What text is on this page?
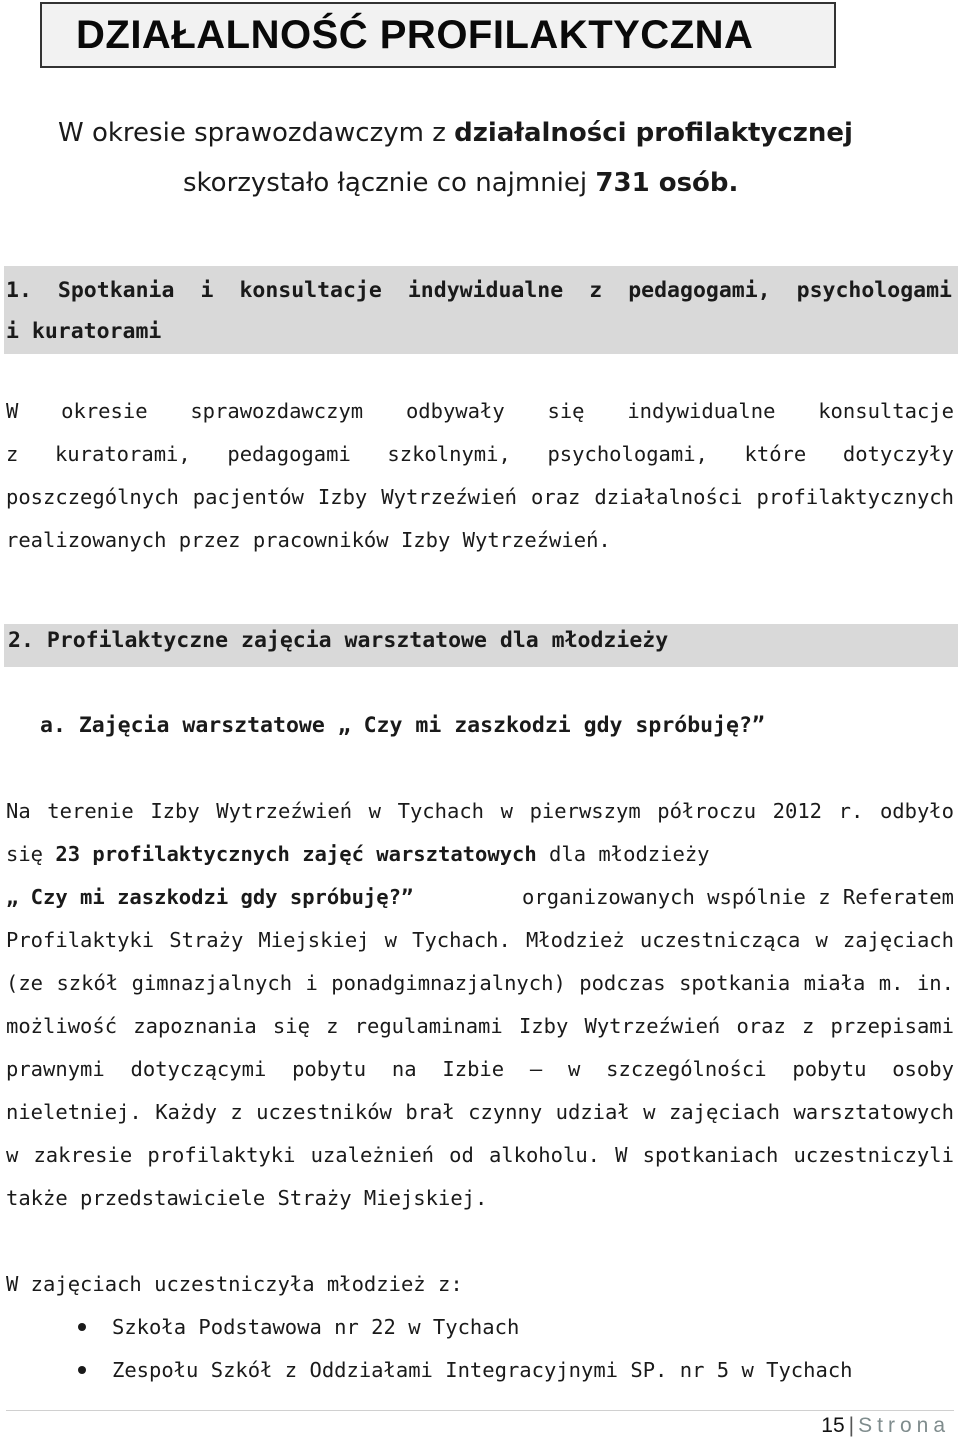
DZIAŁALNOŚĆ PROFILAKTYCZNA
W okresie sprawozdawczym z działalności profilaktycznej
skorzystało łącznie co najmniej 731 osób.
1. Spotkania i konsultacje indywidualne z pedagogami, psychologami
i kuratorami
W okresie sprawozdawczym odbywały się indywidualne konsultacje
z kuratorami, pedagogami szkolnymi, psychologami, które dotyczyły
poszczególnych pacjentów Izby Wytrzeźwień oraz działalności profilaktycznych
realizowanych przez pracowników Izby Wytrzeźwień.
2. Profilaktyczne zajęcia warsztatowe dla młodzieży
a. Zajęcia warsztatowe „ Czy mi zaszkodzi gdy spróbuję?”
Na terenie Izby Wytrzeźwień w Tychach w pierwszym półroczu 2012 r. odbyło
się 23 profilaktycznych zajęć warsztatowych dla młodzieży
„ Czy mi zaszkodzi gdy spróbuję?”	organizowanych wspólnie z Referatem
Profilaktyki Straży Miejskiej w Tychach. Młodzież uczestnicząca w zajęciach
(ze szkół gimnazjalnych i ponadgimnazjalnych) podczas spotkania miała m. in.
możliwość zapoznania się z regulaminami Izby Wytrzeźwień oraz z przepisami
prawnymi dotyczącymi pobytu na Izbie – w szczególności pobytu osoby
nieletniej. Każdy z uczestników brał czynny udział w zajęciach warsztatowych
w zakresie profilaktyki uzależnień od alkoholu. W spotkaniach uczestniczyli
także przedstawiciele Straży Miejskiej.
W zajęciach uczestniczyła młodzież z:
Szkoła Podstawowa nr 22 w Tychach
Zespołu Szkół z Oddziałami Integracyjnymi SP. nr 5 w Tychach
15 | Strona
